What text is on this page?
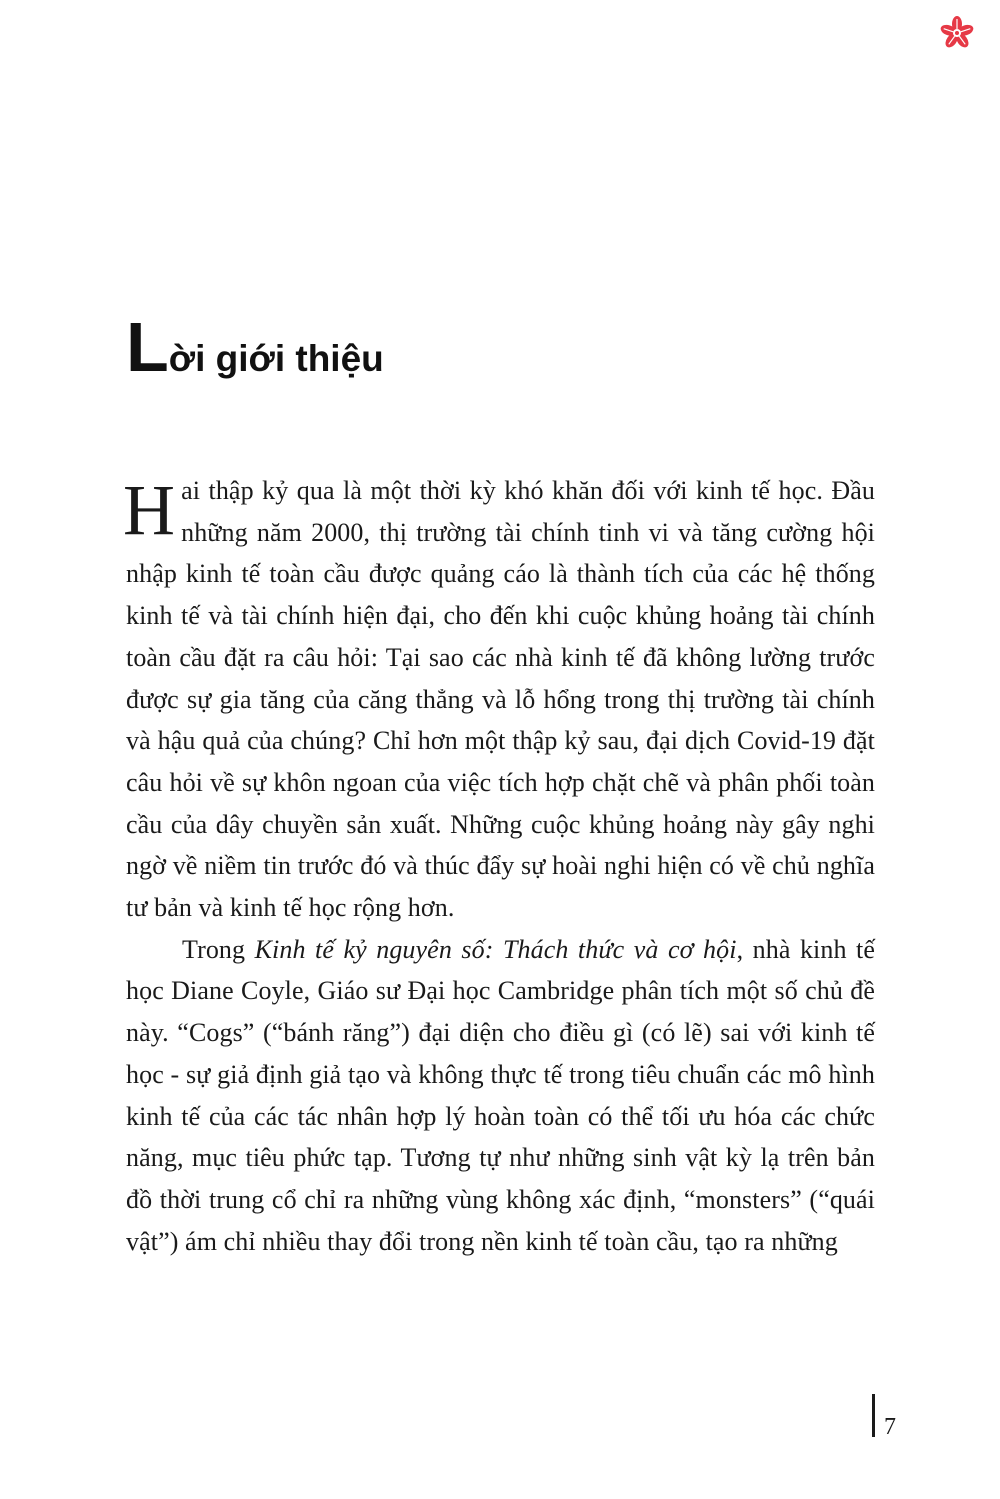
L ời giới thiệu

Hai thập kỷ qua là một thời kỳ khó khăn đối với kinh tế học. Đầu những năm 2000, thị trường tài chính tinh vi và tăng cường hội nhập kinh tế toàn cầu được quảng cáo là thành tích của các hệ thống kinh tế và tài chính hiện đại, cho đến khi cuộc khủng hoảng tài chính toàn cầu đặt ra câu hỏi: Tại sao các nhà kinh tế đã không lường trước được sự gia tăng của căng thẳng và lỗ hổng trong thị trường tài chính và hậu quả của chúng? Chỉ hơn một thập kỷ sau, đại dịch Covid-19 đặt câu hỏi về sự khôn ngoan của việc tích hợp chặt chẽ và phân phối toàn cầu của dây chuyền sản xuất. Những cuộc khủng hoảng này gây nghi ngờ về niềm tin trước đó và thúc đẩy sự hoài nghi hiện có về chủ nghĩa tư bản và kinh tế học rộng hơn.

Trong Kinh tế kỷ nguyên số: Thách thức và cơ hội, nhà kinh tế học Diane Coyle, Giáo sư Đại học Cambridge phân tích một số chủ đề này. “Cogs” (“bánh răng”) đại diện cho điều gì (có lẽ) sai với kinh tế học - sự giả định giả tạo và không thực tế trong tiêu chuẩn các mô hình kinh tế của các tác nhân hợp lý hoàn toàn có thể tối ưu hóa các chức năng, mục tiêu phức tạp. Tương tự như những sinh vật kỳ lạ trên bản đồ thời trung cổ chỉ ra những vùng không xác định, “monsters” (“quái vật”) ám chỉ nhiều thay đổi trong nền kinh tế toàn cầu, tạo ra những

7
